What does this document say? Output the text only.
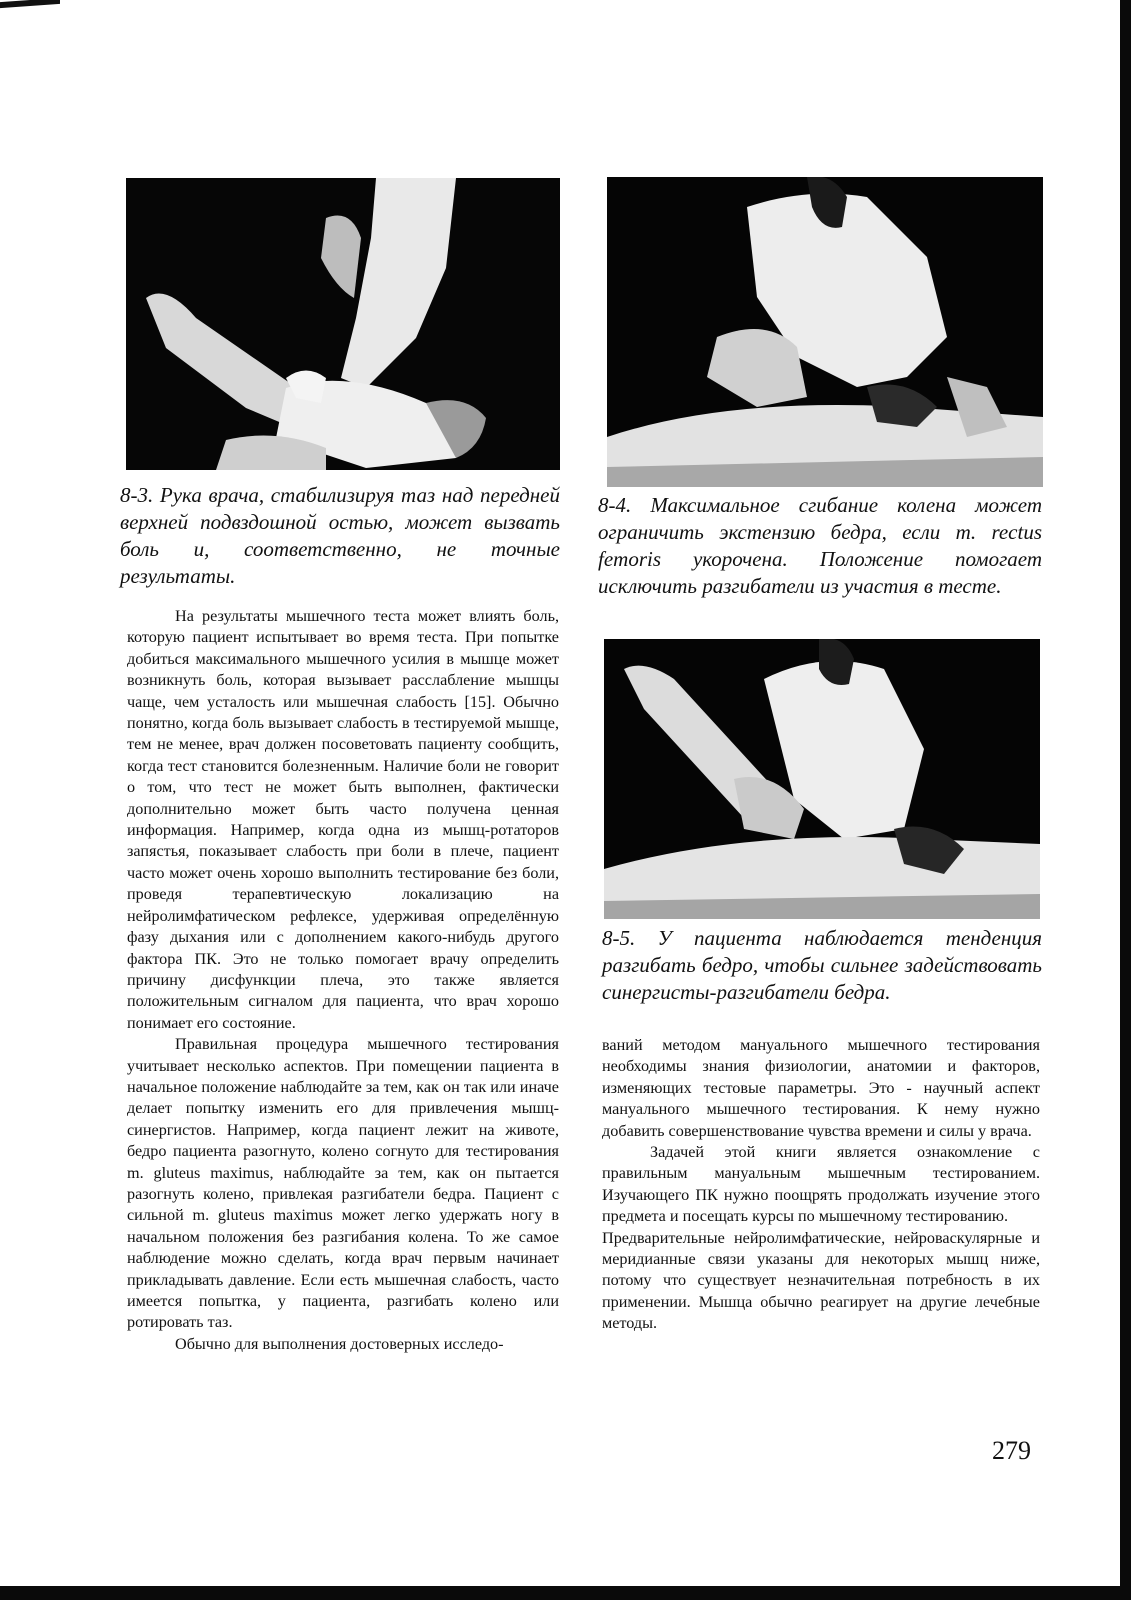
8-3. Рука врача, стабилизируя таз над передней верхней подвздошной остью, может вызвать боль и, соответственно, не точные результаты.
8-4. Максимальное сгибание колена может ограничить экстензию бедра, если m. rectus femoris укорочена. Положение помогает исключить разгибатели из участия в тесте.
8-5. У пациента наблюдается тенденция разгибать бедро, чтобы сильнее задействовать синергисты-разгибатели бедра.

На результаты мышечного теста может влиять боль, которую пациент испытывает во время теста. При попытке добиться максимального мышечного усилия в мышце может возникнуть боль, которая вызывает расслабление мышцы чаще, чем усталость или мышечная слабость [15]. Обычно понятно, когда боль вызывает слабость в тестируемой мышце, тем не менее, врач должен посоветовать пациенту сообщить, когда тест становится болезненным. Наличие боли не говорит о том, что тест не может быть выполнен, фактически дополнительно может быть часто получена ценная информация. Например, когда одна из мышц-ротаторов запястья, показывает слабость при боли в плече, пациент часто может очень хорошо выполнить тестирование без боли, проведя терапевтическую локализацию на нейролимфатическом рефлексе, удерживая определённую фазу дыхания или с дополнением какого-нибудь другого фактора ПК. Это не только помогает врачу определить причину дисфункции плеча, это также является положительным сигналом для пациента, что врач хорошо понимает его состояние.

Правильная процедура мышечного тестирования учитывает несколько аспектов. При помещении пациента в начальное положение наблюдайте за тем, как он так или иначе делает попытку изменить его для привлечения мышц-синергистов. Например, когда пациент лежит на животе, бедро пациента разогнуто, колено согнуто для тестирования m. gluteus maximus, наблюдайте за тем, как он пытается разогнуть колено, привлекая разгибатели бедра. Пациент с сильной m. gluteus maximus может легко удержать ногу в начальном положения без разгибания колена. То же самое наблюдение можно сделать, когда врач первым начинает прикладывать давление. Если есть мышечная слабость, часто имеется попытка, у пациента, разгибать колено или ротировать таз.

Обычно для выполнения достоверных исследо-

ваний методом мануального мышечного тестирования необходимы знания физиологии, анатомии и факторов, изменяющих тестовые параметры. Это - научный аспект мануального мышечного тестирования. К нему нужно добавить совершенствование чувства времени и силы у врача.

Задачей этой книги является ознакомление с правильным мануальным мышечным тестированием. Изучающего ПК нужно поощрять продолжать изучение этого предмета и посещать курсы по мышечному тестированию.

Предварительные нейролимфатические, нейроваскулярные и меридианные связи указаны для некоторых мышц ниже, потому что существует незначительная потребность в их применении. Мышца обычно реагирует на другие лечебные методы.

279
